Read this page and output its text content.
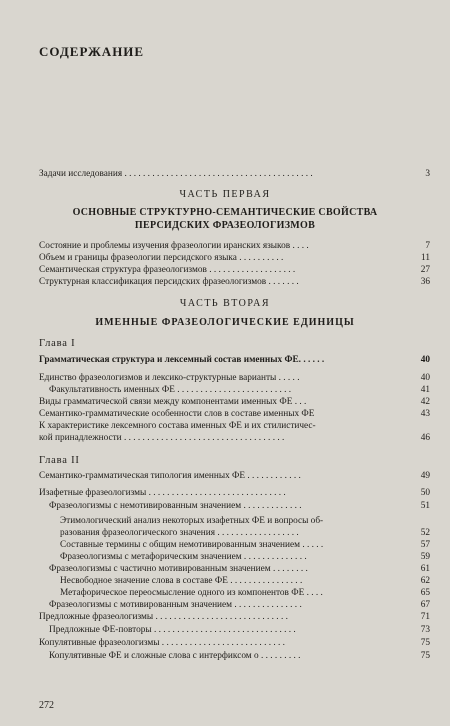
СОДЕРЖАНИЕ
Задачи исследования . . . . . . . . . . . . . . . . . . . . . . . . . . . . . . . . . . . . . . . . .	3
ЧАСТЬ ПЕРВАЯ
ОСНОВНЫЕ СТРУКТУРНО-СЕМАНТИЧЕСКИЕ СВОЙСТВА
ПЕРСИДСКИХ ФРАЗЕОЛОГИЗМОВ
Состояние и проблемы изучения фразеологии иранских языков . . . .	7
Объем и границы фразеологии персидского языка . . . . . . . . . .	11
Семантическая структура фразеологизмов . . . . . . . . . . . . . . . . . . .	27
Структурная классификация персидских фразеологизмов . . . . . . .	36
ЧАСТЬ ВТОРАЯ
ИМЕННЫЕ ФРАЗЕОЛОГИЧЕСКИЕ ЕДИНИЦЫ
Глава I
Грамматическая структура и лексемный состав именных ФЕ. . . . . .	40
Единство фразеологизмов и лексико-структурные варианты . . . . .	40
Факультативность именных ФЕ . . . . . . . . . . . . . . . . . . . . . . . . .	41
Виды грамматической связи между компонентами именных ФЕ . . .	42
Семантико-грамматические особенности слов в составе именных ФЕ	43
К характеристике лексемного состава именных ФЕ и их стилистичес-
кой принадлежности . . . . . . . . . . . . . . . . . . . . . . . . . . . . . . . . . . .	46
Глава II
Семантико-грамматическая типология именных ФЕ . . . . . . . . . . . .	49
Изафетные фразеологизмы . . . . . . . . . . . . . . . . . . . . . . . . . . . . . .	50
Фразеологизмы с немотивированным значением . . . . . . . . . . . . .	51
Этимологический анализ некоторых изафетных ФЕ и вопросы об-
разования фразеологического значения . . . . . . . . . . . . . . . . . .	52
Составные термины с общим немотивированным значением . . . . .	57
Фразеологизмы с метафорическим значением . . . . . . . . . . . . . .	59
Фразеологизмы с частично мотивированным значением . . . . . . . .	61
Несвободное значение слова в составе ФЕ . . . . . . . . . . . . . . . .	62
Метафорическое переосмысление одного из компонентов ФЕ . . . .	65
Фразеологизмы с мотивированным значением . . . . . . . . . . . . . . .	67
Предложные фразеологизмы . . . . . . . . . . . . . . . . . . . . . . . . . . . . .	71
Предложные ФЕ-повторы . . . . . . . . . . . . . . . . . . . . . . . . . . . . . . .	73
Копулятивные фразеологизмы . . . . . . . . . . . . . . . . . . . . . . . . . . .	75
Копулятивные ФЕ и сложные слова с интерфиксом о . . . . . . . . .	75
272
